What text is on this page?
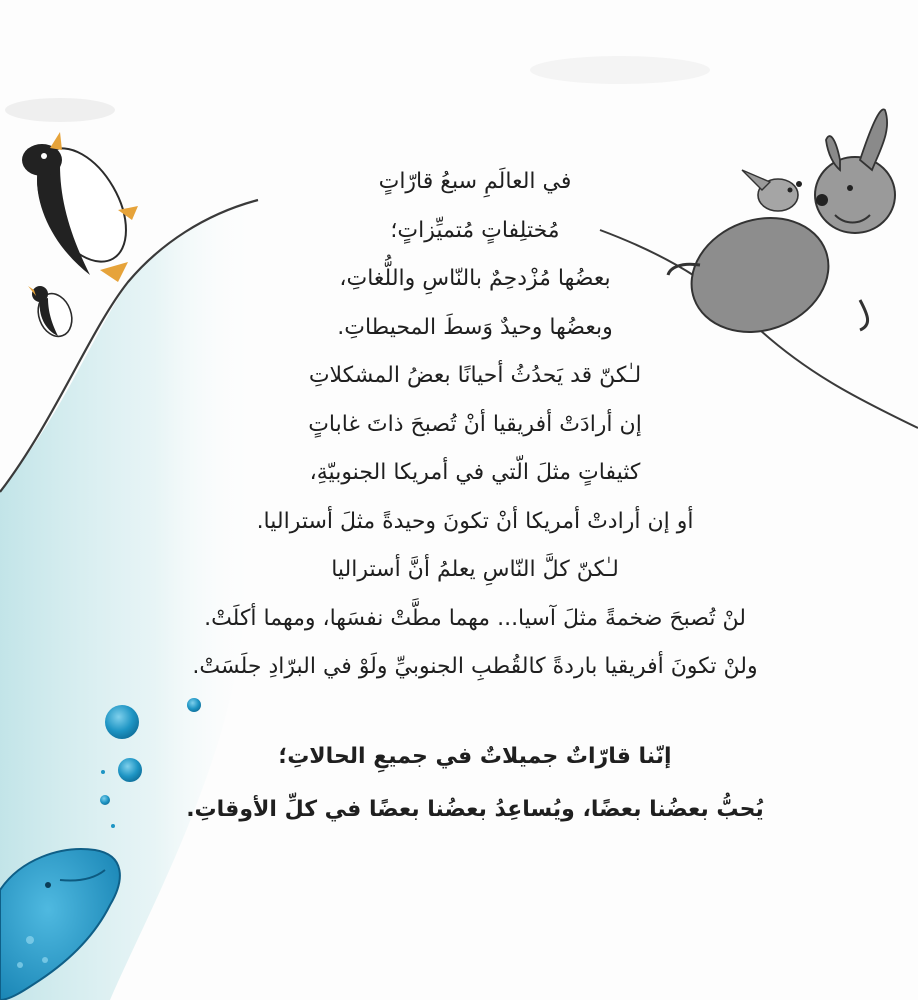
في العالَمِ سبعُ قارّاتٍ
مُختلِفاتٍ مُتميِّزاتٍ؛
بعضُها مُزْدحِمٌ بالنّاسِ واللُّغاتِ،
وبعضُها وحيدٌ وَسطَ المحيطاتِ.
لـٰكنّ قد يَحدُثُ أحيانًا بعضُ المشكلاتِ
إن أرادَتْ أفريقيا أنْ تُصبحَ ذاتَ غاباتٍ
كثيفاتٍ مثلَ الّتي في أمريكا الجنوبيّةِ،
أو إن أرادتْ أمريكا أنْ تكونَ وحيدةً مثلَ أستراليا.
لـٰكنّ كلَّ النّاسِ يعلمُ أنَّ أستراليا
لنْ تُصبحَ ضخمةً مثلَ آسيا... مهما مطَّتْ نفسَها، ومهما أكلَتْ.
ولنْ تكونَ أفريقيا باردةً كالقُطبِ الجنوبيِّ ولَوْ في البرّادِ جلَسَتْ.
إنّنا قارّاتٌ جميلاتٌ في جميعِ الحالاتِ؛
يُحبُّ بعضُنا بعضًا، ويُساعِدُ بعضُنا بعضًا في كلِّ الأوقاتِ.
